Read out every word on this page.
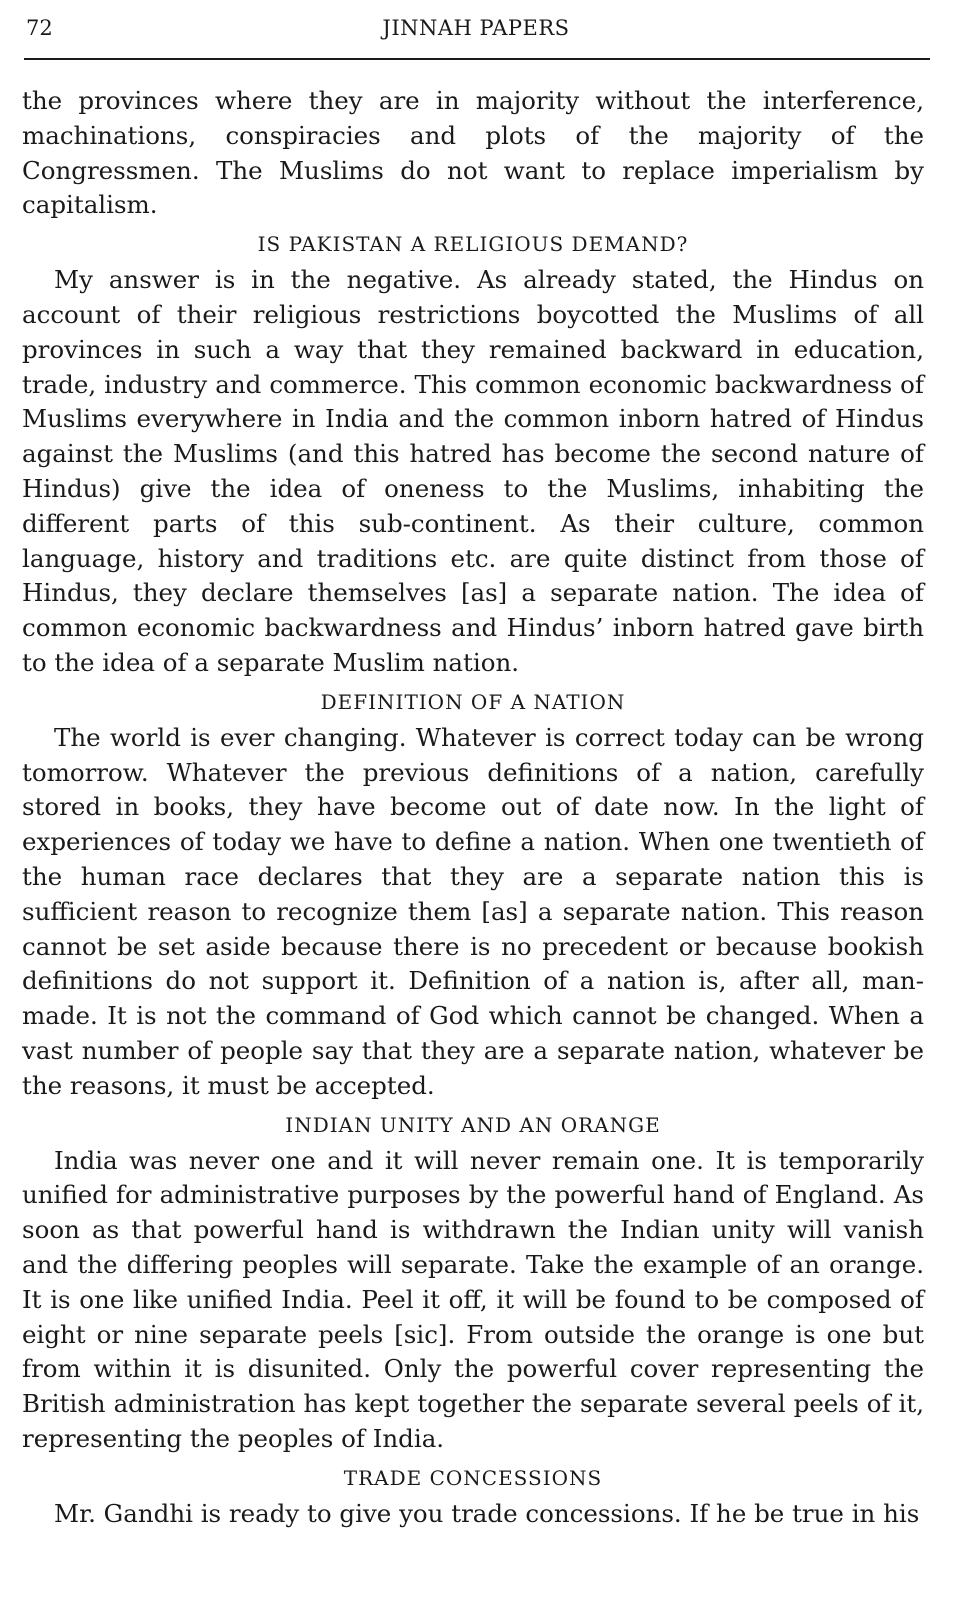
72	JINNAH PAPERS

the provinces where they are in majority without the interference, machinations, conspiracies and plots of the majority of the Congressmen. The Muslims do not want to replace imperialism by capitalism.

IS PAKISTAN A RELIGIOUS DEMAND?

My answer is in the negative. As already stated, the Hindus on account of their religious restrictions boycotted the Muslims of all provinces in such a way that they remained backward in education, trade, industry and commerce. This common economic backwardness of Muslims everywhere in India and the common inborn hatred of Hindus against the Muslims (and this hatred has become the second nature of Hindus) give the idea of oneness to the Muslims, inhabiting the different parts of this sub-continent. As their culture, common language, history and traditions etc. are quite distinct from those of Hindus, they declare themselves [as] a separate nation. The idea of common economic backwardness and Hindus’ inborn hatred gave birth to the idea of a separate Muslim nation.

DEFINITION OF A NATION

The world is ever changing. Whatever is correct today can be wrong tomorrow. Whatever the previous definitions of a nation, carefully stored in books, they have become out of date now. In the light of experiences of today we have to define a nation. When one twentieth of the human race declares that they are a separate nation this is sufficient reason to recognize them [as] a separate nation. This reason cannot be set aside because there is no precedent or because bookish definitions do not support it. Definition of a nation is, after all, man-made. It is not the command of God which cannot be changed. When a vast number of people say that they are a separate nation, whatever be the reasons, it must be accepted.

INDIAN UNITY AND AN ORANGE

India was never one and it will never remain one. It is temporarily unified for administrative purposes by the powerful hand of England. As soon as that powerful hand is withdrawn the Indian unity will vanish and the differing peoples will separate. Take the example of an orange. It is one like unified India. Peel it off, it will be found to be composed of eight or nine separate peels [sic]. From outside the orange is one but from within it is disunited. Only the powerful cover representing the British administration has kept together the separate several peels of it, representing the peoples of India.

TRADE CONCESSIONS

Mr. Gandhi is ready to give you trade concessions. If he be true in his
